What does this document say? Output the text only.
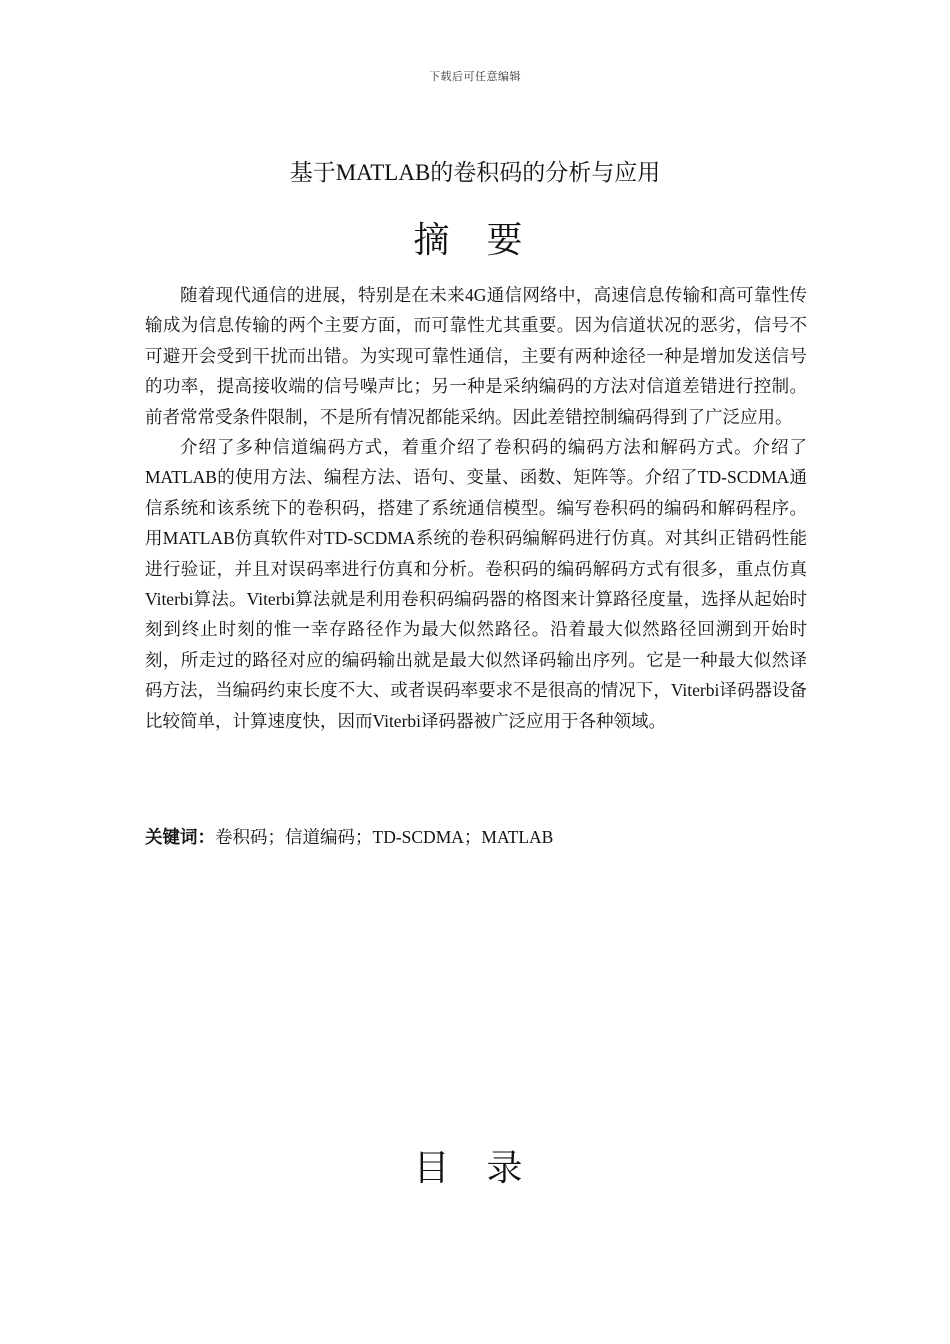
下载后可任意编辑
基于MATLAB的卷积码的分析与应用
摘 要

随着现代通信的进展，特别是在未来4G通信网络中，高速信息传输和高可靠性传输成为信息传输的两个主要方面，而可靠性尤其重要。因为信道状况的恶劣，信号不可避开会受到干扰而出错。为实现可靠性通信，主要有两种途径一种是增加发送信号的功率，提高接收端的信号噪声比；另一种是采纳编码的方法对信道差错进行控制。前者常常受条件限制，不是所有情况都能采纳。因此差错控制编码得到了广泛应用。

介绍了多种信道编码方式，着重介绍了卷积码的编码方法和解码方式。介绍了MATLAB的使用方法、编程方法、语句、变量、函数、矩阵等。介绍了TD-SCDMA通信系统和该系统下的卷积码，搭建了系统通信模型。编写卷积码的编码和解码程序。用MATLAB仿真软件对TD-SCDMA系统的卷积码编解码进行仿真。对其纠正错码性能进行验证，并且对误码率进行仿真和分析。卷积码的编码解码方式有很多，重点仿真Viterbi算法。Viterbi算法就是利用卷积码编码器的格图来计算路径度量，选择从起始时刻到终止时刻的惟一幸存路径作为最大似然路径。沿着最大似然路径回溯到开始时刻，所走过的路径对应的编码输出就是最大似然译码输出序列。它是一种最大似然译码方法，当编码约束长度不大、或者误码率要求不是很高的情况下，Viterbi译码器设备比较简单，计算速度快，因而Viterbi译码器被广泛应用于各种领域。

关键词：卷积码；信道编码；TD-SCDMA；MATLAB
目 录
